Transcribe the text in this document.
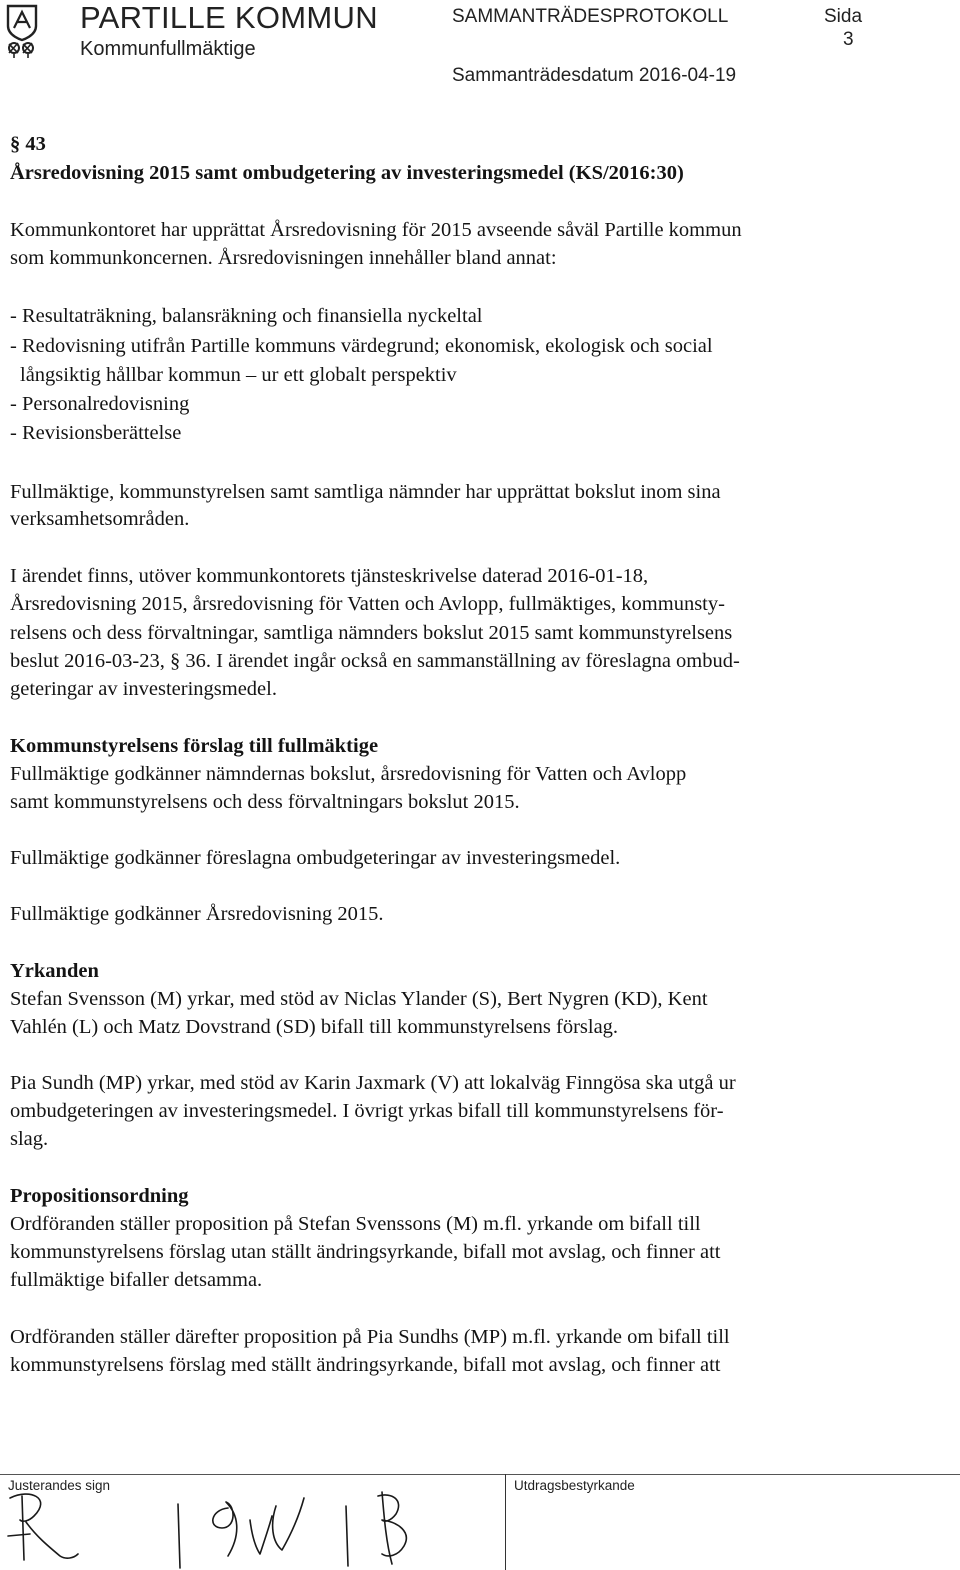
PARTILLE KOMMUN
Kommunfullmäktige
SAMMANTRÄDESPROTOKOLL	Sida
3
Sammanträdesdatum 2016-04-19
§ 43
Årsredovisning 2015 samt ombudgetering av investeringsmedel (KS/2016:30)
Kommunkontoret har upprättat Årsredovisning för 2015 avseende såväl Partille kommun
som kommunkoncernen. Årsredovisningen innehåller bland annat:
- Resultaträkning, balansräkning och finansiella nyckeltal
- Redovisning utifrån Partille kommuns värdegrund; ekonomisk, ekologisk och social
långsiktig hållbar kommun – ur ett globalt perspektiv
- Personalredovisning
- Revisionsberättelse
Fullmäktige, kommunstyrelsen samt samtliga nämnder har upprättat bokslut inom sina
verksamhetsområden.
I ärendet finns, utöver kommunkontorets tjänsteskrivelse daterad 2016-01-18,
Årsredovisning 2015, årsredovisning för Vatten och Avlopp, fullmäktiges, kommunsty-
relsens och dess förvaltningar, samtliga nämnders bokslut 2015 samt kommunstyrelsens
beslut 2016-03-23, § 36. I ärendet ingår också en sammanställning av föreslagna ombud-
geteringar av investeringsmedel.
Kommunstyrelsens förslag till fullmäktige
Fullmäktige godkänner nämndernas bokslut, årsredovisning för Vatten och Avlopp
samt kommunstyrelsens och dess förvaltningars bokslut 2015.
Fullmäktige godkänner föreslagna ombudgeteringar av investeringsmedel.
Fullmäktige godkänner Årsredovisning 2015.
Yrkanden
Stefan Svensson (M) yrkar, med stöd av Niclas Ylander (S), Bert Nygren (KD), Kent
Vahlén (L) och Matz Dovstrand (SD) bifall till kommunstyrelsens förslag.
Pia Sundh (MP) yrkar, med stöd av Karin Jaxmark (V) att lokalväg Finngösa ska utgå ur
ombudgeteringen av investeringsmedel. I övrigt yrkas bifall till kommunstyrelsens för-
slag.
Propositionsordning
Ordföranden ställer proposition på Stefan Svenssons (M) m.fl. yrkande om bifall till
kommunstyrelsens förslag utan ställt ändringsyrkande, bifall mot avslag, och finner att
fullmäktige bifaller detsamma.
Ordföranden ställer därefter proposition på Pia Sundhs (MP) m.fl. yrkande om bifall till
kommunstyrelsens förslag med ställt ändringsyrkande, bifall mot avslag, och finner att
Justerandes sign	Utdragsbestyrkande
